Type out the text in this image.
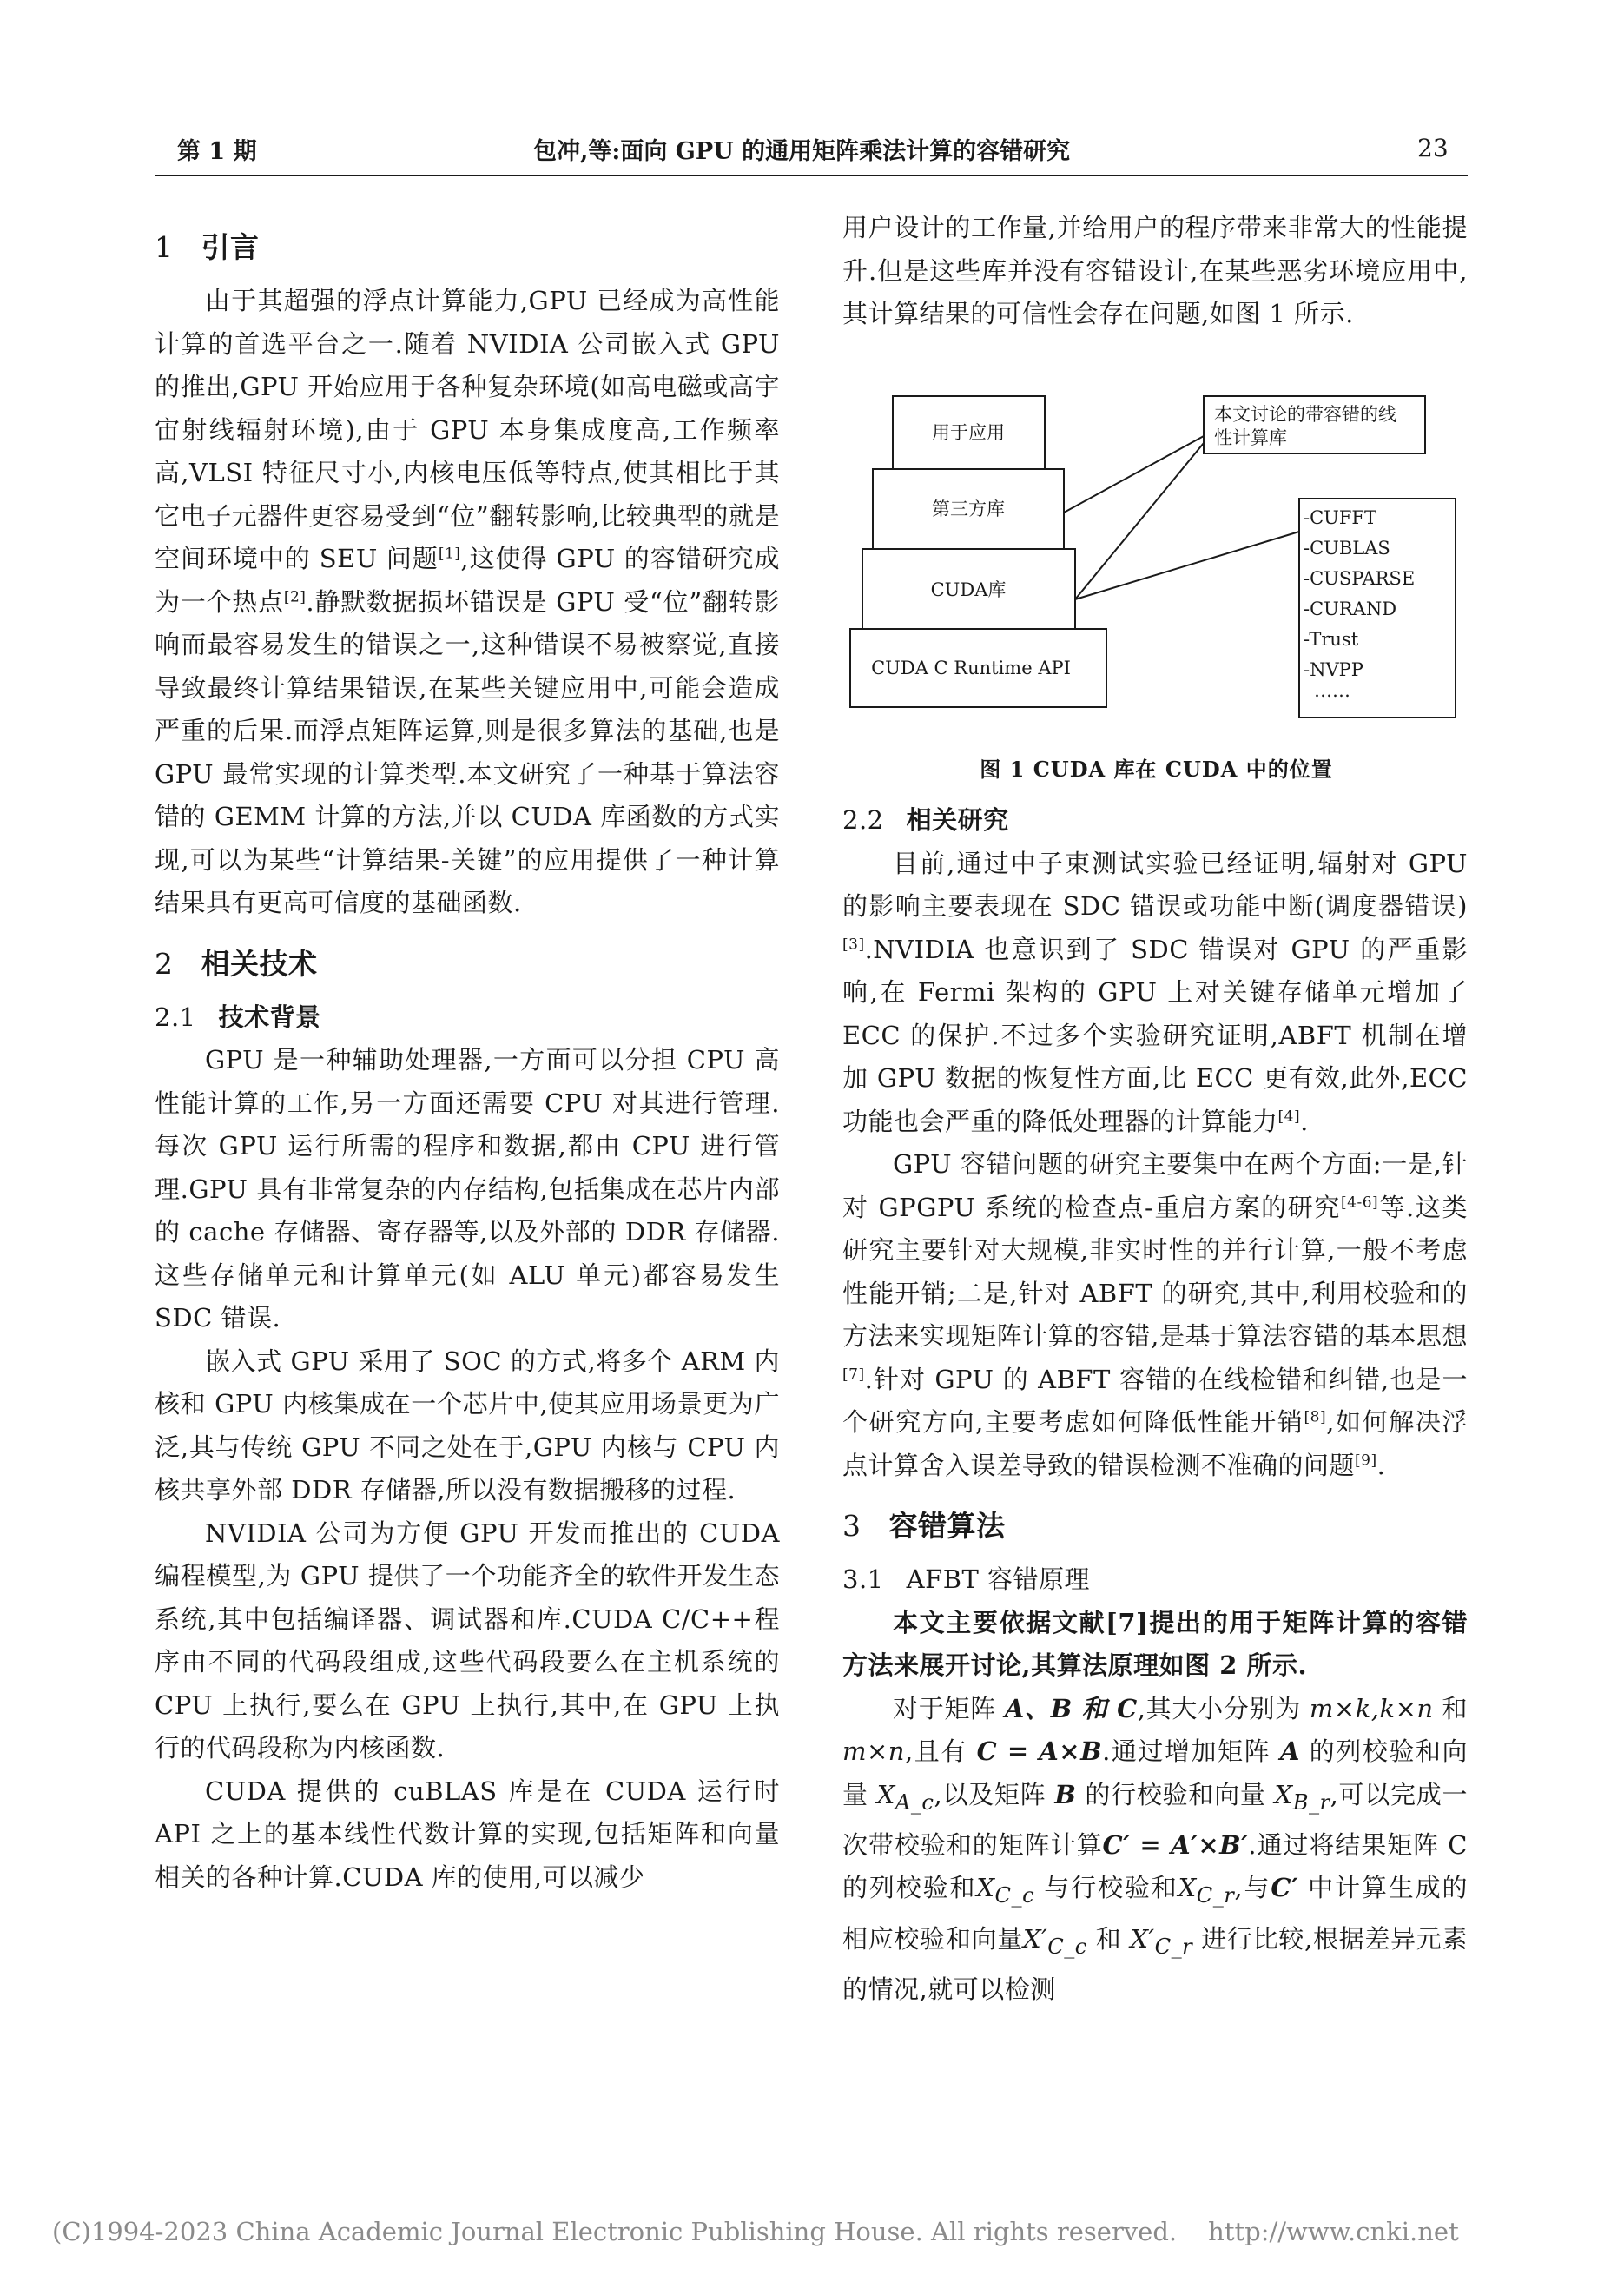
第 1 期	包冲,等:面向 GPU 的通用矩阵乘法计算的容错研究	23
1 引言

由于其超强的浮点计算能力,GPU 已经成为高性能计算的首选平台之一.随着 NVIDIA 公司嵌入式 GPU 的推出,GPU 开始应用于各种复杂环境(如高电磁或高宇宙射线辐射环境),由于 GPU 本身集成度高,工作频率高,VLSI 特征尺寸小,内核电压低等特点,使其相比于其它电子元器件更容易受到“位”翻转影响,比较典型的就是空间环境中的 SEU 问题[1],这使得 GPU 的容错研究成为一个热点[2].静默数据损坏错误是 GPU 受“位”翻转影响而最容易发生的错误之一,这种错误不易被察觉,直接导致最终计算结果错误,在某些关键应用中,可能会造成严重的后果.而浮点矩阵运算,则是很多算法的基础,也是 GPU 最常实现的计算类型.本文研究了一种基于算法容错的 GEMM 计算的方法,并以 CUDA 库函数的方式实现,可以为某些“计算结果-关键”的应用提供了一种计算结果具有更高可信度的基础函数.

2 相关技术
2.1 技术背景

GPU 是一种辅助处理器,一方面可以分担 CPU 高性能计算的工作,另一方面还需要 CPU 对其进行管理.每次 GPU 运行所需的程序和数据,都由 CPU 进行管理.GPU 具有非常复杂的内存结构,包括集成在芯片内部的 cache 存储器、寄存器等,以及外部的 DDR 存储器.这些存储单元和计算单元(如 ALU 单元)都容易发生 SDC 错误.

嵌入式 GPU 采用了 SOC 的方式,将多个 ARM 内核和 GPU 内核集成在一个芯片中,使其应用场景更为广泛,其与传统 GPU 不同之处在于,GPU 内核与 CPU 内核共享外部 DDR 存储器,所以没有数据搬移的过程.

NVIDIA 公司为方便 GPU 开发而推出的 CUDA 编程模型,为 GPU 提供了一个功能齐全的软件开发生态系统,其中包括编译器、调试器和库.CUDA C/C++程序由不同的代码段组成,这些代码段要么在主机系统的 CPU 上执行,要么在 GPU 上执行,其中,在 GPU 上执行的代码段称为内核函数.

CUDA 提供的 cuBLAS 库是在 CUDA 运行时 API 之上的基本线性代数计算的实现,包括矩阵和向量相关的各种计算.CUDA 库的使用,可以减少

用户设计的工作量,并给用户的程序带来非常大的性能提升.但是这些库并没有容错设计,在某些恶劣环境应用中,其计算结果的可信性会存在问题,如图 1 所示.

用于应用
第三方库
CUDA库
CUDA C Runtime API
本文讨论的带容错的线
性计算库
-CUFFT
-CUBLAS
-CUSPARSE
-CURAND
-Trust
-NVPP
……
图 1 CUDA 库在 CUDA 中的位置
2.2 相关研究

目前,通过中子束测试实验已经证明,辐射对 GPU 的影响主要表现在 SDC 错误或功能中断(调度器错误)[3].NVIDIA 也意识到了 SDC 错误对 GPU 的严重影响,在 Fermi 架构的 GPU 上对关键存储单元增加了 ECC 的保护.不过多个实验研究证明,ABFT 机制在增加 GPU 数据的恢复性方面,比 ECC 更有效,此外,ECC 功能也会严重的降低处理器的计算能力[4].

GPU 容错问题的研究主要集中在两个方面:一是,针对 GPGPU 系统的检查点-重启方案的研究[4-6]等.这类研究主要针对大规模,非实时性的并行计算,一般不考虑性能开销;二是,针对 ABFT 的研究,其中,利用校验和的方法来实现矩阵计算的容错,是基于算法容错的基本思想[7].针对 GPU 的 ABFT 容错的在线检错和纠错,也是一个研究方向,主要考虑如何降低性能开销[8],如何解决浮点计算舍入误差导致的错误检测不准确的问题[9].

3 容错算法
3.1 AFBT 容错原理

本文主要依据文献[7]提出的用于矩阵计算的容错方法来展开讨论,其算法原理如图 2 所示.

对于矩阵 A、B 和 C,其大小分别为 m×k,k×n 和 m×n,且有 C = A×B.通过增加矩阵 A 的列校验和向量 $X_{A\_c}$,以及矩阵 B 的行校验和向量 $X_{B\_r}$,可以完成一次带校验和的矩阵计算C′ = A′×B′.通过将结果矩阵 C 的列校验和$X_{C\_c}$ 与行校验和$X_{C\_r}$,与C′ 中计算生成的相应校验和向量$X'_{C\_c}$ 和 $X'_{C\_r}$ 进行比较,根据差异元素的情况,就可以检测

(C)1994-2023 China Academic Journal Electronic Publishing House. All rights reserved. http://www.cnki.net
